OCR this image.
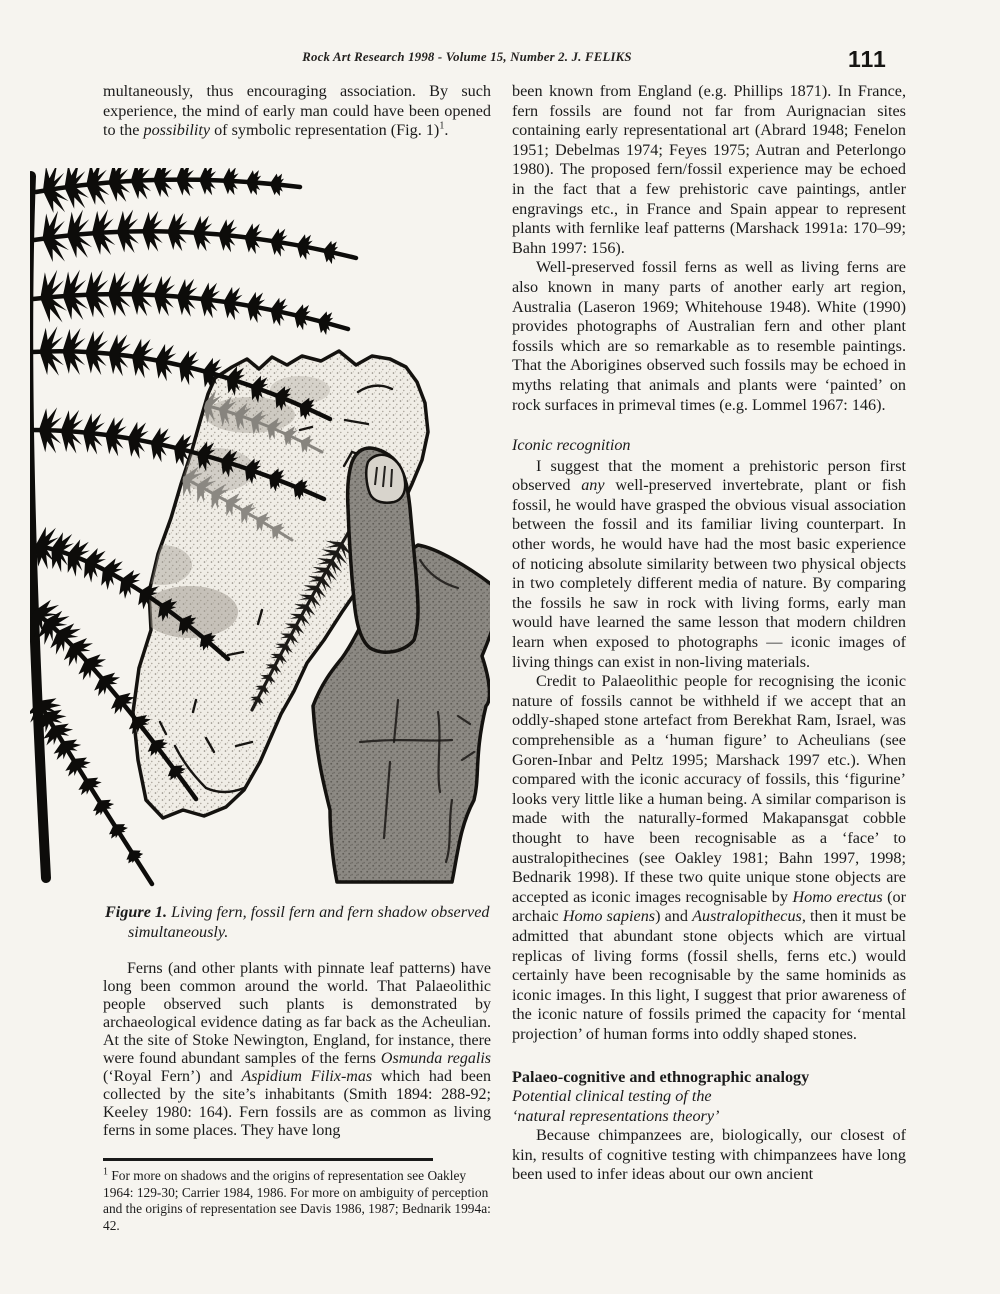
Rock Art Research 1998 - Volume 15, Number 2. J. FELIKS	111

multaneously, thus encouraging association. By such experience, the mind of early man could have been opened to the possibility of symbolic representation (Fig. 1)$^1$.

Figure 1. Living fern, fossil fern and fern shadow observed simultaneously.

Ferns (and other plants with pinnate leaf patterns) have long been common around the world. That Palaeolithic people observed such plants is demonstrated by archaeological evidence dating as far back as the Acheulian. At the site of Stoke Newington, England, for instance, there were found abundant samples of the ferns Osmunda regalis (‘Royal Fern’) and Aspidium Filix-mas which had been collected by the site’s inhabitants (Smith 1894: 288-92; Keeley 1980: 164). Fern fossils are as common as living ferns in some places. They have long

$^1$ For more on shadows and the origins of representation see Oakley 1964: 129-30; Carrier 1984, 1986. For more on ambiguity of perception and the origins of representation see Davis 1986, 1987; Bednarik 1994a: 42.

been known from England (e.g. Phillips 1871). In France, fern fossils are found not far from Aurignacian sites containing early representational art (Abrard 1948; Fenelon 1951; Debelmas 1974; Feyes 1975; Autran and Peterlongo 1980). The proposed fern/fossil experience may be echoed in the fact that a few prehistoric cave paintings, antler engravings etc., in France and Spain appear to represent plants with fernlike leaf patterns (Marshack 1991a: 170–99; Bahn 1997: 156).

Well-preserved fossil ferns as well as living ferns are also known in many parts of another early art region, Australia (Laseron 1969; Whitehouse 1948). White (1990) provides photographs of Australian fern and other plant fossils which are so remarkable as to resemble paintings. That the Aborigines observed such fossils may be echoed in myths relating that animals and plants were ‘painted’ on rock surfaces in primeval times (e.g. Lommel 1967: 146).

Iconic recognition

I suggest that the moment a prehistoric person first observed any well-preserved invertebrate, plant or fish fossil, he would have grasped the obvious visual association between the fossil and its familiar living counterpart. In other words, he would have had the most basic experience of noticing absolute similarity between two physical objects in two completely different media of nature. By comparing the fossils he saw in rock with living forms, early man would have learned the same lesson that modern children learn when exposed to photographs — iconic images of living things can exist in non-living materials.

Credit to Palaeolithic people for recognising the iconic nature of fossils cannot be withheld if we accept that an oddly-shaped stone artefact from Berekhat Ram, Israel, was comprehensible as a ‘human figure’ to Acheulians (see Goren-Inbar and Peltz 1995; Marshack 1997 etc.). When compared with the iconic accuracy of fossils, this ‘figurine’ looks very little like a human being. A similar comparison is made with the naturally-formed Makapansgat cobble thought to have been recognisable as a ‘face’ to australopithecines (see Oakley 1981; Bahn 1997, 1998; Bednarik 1998). If these two quite unique stone objects are accepted as iconic images recognisable by Homo erectus (or archaic Homo sapiens) and Australopithecus, then it must be admitted that abundant stone objects which are virtual replicas of living forms (fossil shells, ferns etc.) would certainly have been recognisable by the same hominids as iconic images. In this light, I suggest that prior awareness of the iconic nature of fossils primed the capacity for ‘mental projection’ of human forms into oddly shaped stones.

Palaeo-cognitive and ethnographic analogy

Potential clinical testing of the

‘natural representations theory’

Because chimpanzees are, biologically, our closest of kin, results of cognitive testing with chimpanzees have long been used to infer ideas about our own ancient
